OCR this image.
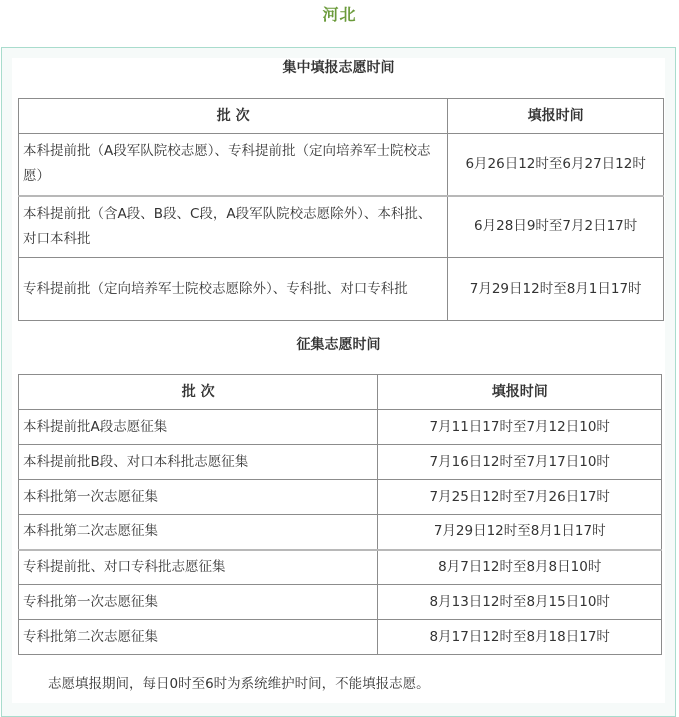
河北
集中填报志愿时间
批 次	填报时间
本科提前批（A段军队院校志愿）、专科提前批（定向培养军士院校志愿）	6月26日12时至6月27日12时
本科提前批（含A段、B段、C段，A段军队院校志愿除外）、本科批、对口本科批	6月28日9时至7月2日17时
专科提前批（定向培养军士院校志愿除外）、专科批、对口专科批	7月29日12时至8月1日17时
征集志愿时间
批 次	填报时间
本科提前批A段志愿征集	7月11日17时至7月12日10时
本科提前批B段、对口本科批志愿征集	7月16日12时至7月17日10时
本科批第一次志愿征集	7月25日12时至7月26日17时
本科批第二次志愿征集	7月29日12时至8月1日17时
专科提前批、对口专科批志愿征集	8月7日12时至8月8日10时
专科批第一次志愿征集	8月13日12时至8月15日10时
专科批第二次志愿征集	8月17日12时至8月18日17时
志愿填报期间，每日0时至6时为系统维护时间，不能填报志愿。
